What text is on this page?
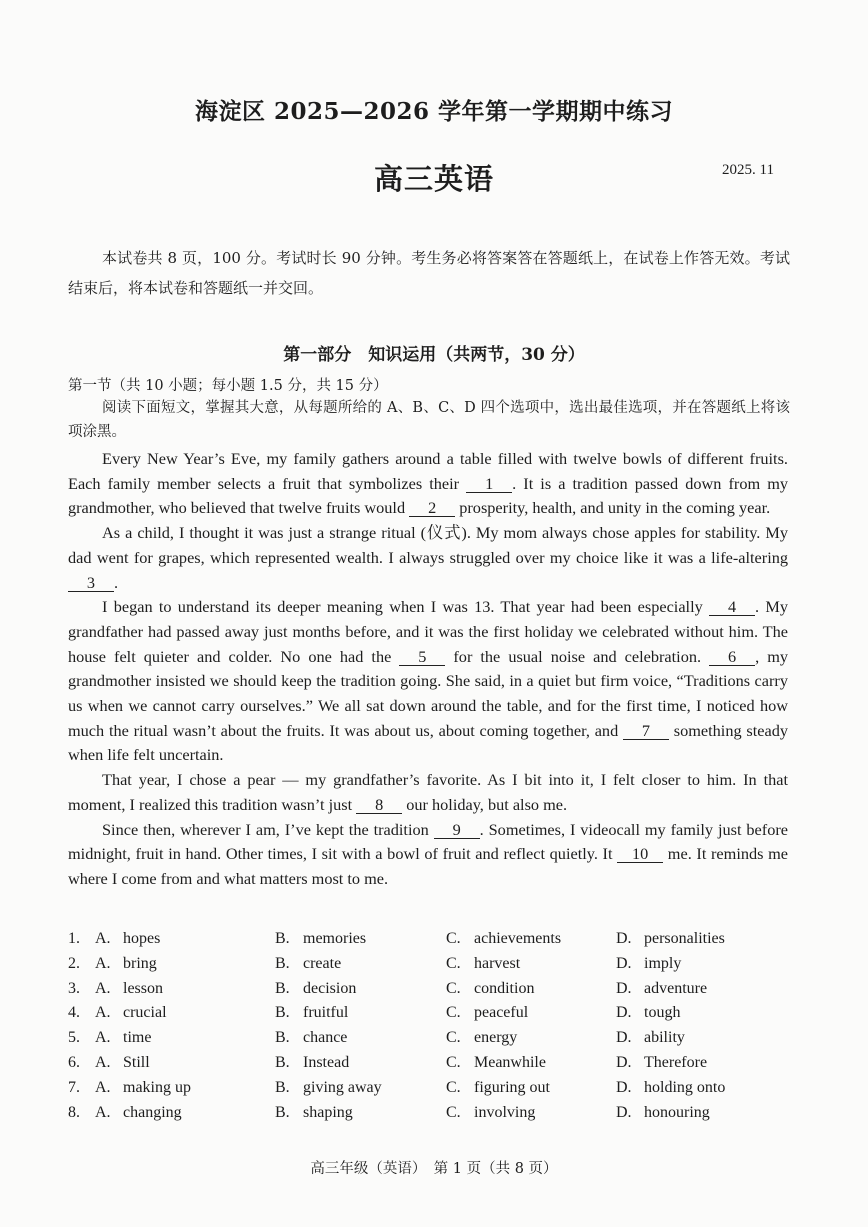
海淀区 2025—2026 学年第一学期期中练习
高三英语	2025. 11
本试卷共 8 页，100 分。考试时长 90 分钟。考生务必将答案答在答题纸上，在试卷上作答无效。考试结束后，将本试卷和答题纸一并交回。
第一部分　知识运用（共两节，30 分）
第一节（共 10 小题；每小题 1.5 分，共 15 分）
阅读下面短文，掌握其大意，从每题所给的 A、B、C、D 四个选项中，选出最佳选项，并在答题纸上将该项涂黑。

Every New Year’s Eve, my family gathers around a table filled with twelve bowls of different fruits. Each family member selects a fruit that symbolizes their 1 . It is a tradition passed down from my grandmother, who believed that twelve fruits would 2 prosperity, health, and unity in the coming year.

As a child, I thought it was just a strange ritual (仪式). My mom always chose apples for stability. My dad went for grapes, which represented wealth. I always struggled over my choice like it was a life-altering 3 .

I began to understand its deeper meaning when I was 13. That year had been especially 4 . My grandfather had passed away just months before, and it was the first holiday we celebrated without him. The house felt quieter and colder. No one had the 5 for the usual noise and celebration. 6 , my grandmother insisted we should keep the tradition going. She said, in a quiet but firm voice, “Traditions carry us when we cannot carry ourselves.” We all sat down around the table, and for the first time, I noticed how much the ritual wasn’t about the fruits. It was about us, about coming together, and 7 something steady when life felt uncertain.

That year, I chose a pear — my grandfather’s favorite. As I bit into it, I felt closer to him. In that moment, I realized this tradition wasn’t just 8 our holiday, but also me.

Since then, wherever I am, I’ve kept the tradition 9 . Sometimes, I videocall my family just before midnight, fruit in hand. Other times, I sit with a bowl of fruit and reflect quietly. It 10 me. It reminds me where I come from and what matters most to me.

1. A. hopes	B. memories	C. achievements	D. personalities
2. A. bring	B. create	C. harvest	D. imply
3. A. lesson	B. decision	C. condition	D. adventure
4. A. crucial	B. fruitful	C. peaceful	D. tough
5. A. time	B. chance	C. energy	D. ability
6. A. Still	B. Instead	C. Meanwhile	D. Therefore
7. A. making up	B. giving away	C. figuring out	D. holding onto
8. A. changing	B. shaping	C. involving	D. honouring
高三年级（英语）　第 1 页（共 8 页）
